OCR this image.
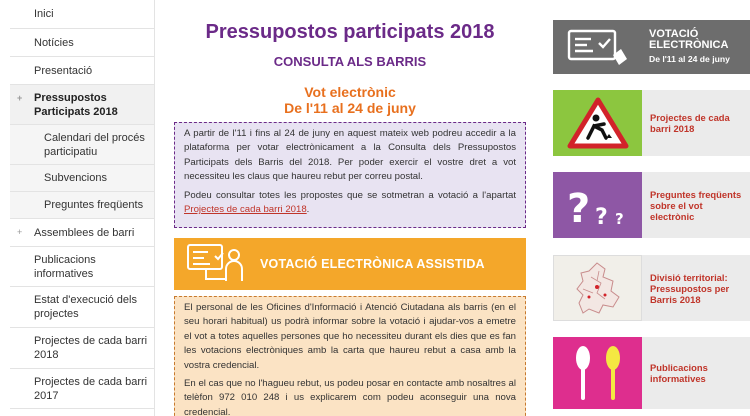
Inici
Notícies
Presentació
+ Pressupostos Participats 2018
Calendari del procés participatiu
Subvencions
Preguntes freqüents
+ Assemblees de barri
Publicacions informatives
Estat d'execució dels projectes
Projectes de cada barri 2018
Projectes de cada barri 2017
Pressupostos participats 2018
CONSULTA ALS BARRIS
Vot electrònic
De l'11 al 24 de juny

A partir de l'11 i fins al 24 de juny en aquest mateix web podreu accedir a la plataforma per votar electrònicament a la Consulta dels Pressupostos Participats dels Barris del 2018. Per poder exercir el vostre dret a vot necessiteu les claus que haureu rebut per correu postal.

Podeu consultar totes les propostes que se sotmetran a votació a l'apartat Projectes de cada barri 2018.

VOTACIÓ ELECTRÒNICA ASSISTIDA

El personal de les Oficines d'Informació i Atenció Ciutadana als barris (en el seu horari habitual) us podrà informar sobre la votació i ajudar-vos a emetre el vot a totes aquelles persones que ho necessiteu durant els dies que es fan les votacions electròniques amb la carta que haureu rebut a casa amb la vostra credencial.

En el cas que no l'hagueu rebut, us podeu posar en contacte amb nosaltres al telèfon 972 010 248 i us explicarem com podeu aconseguir una nova credencial.

VOTACIÓ
ELECTRÒNICA
De l'11 al 24 de juny
Projectes de cada barri 2018
? ? ?
Preguntes freqüents sobre el vot electrònic
Divisió territorial: Pressupostos per Barris 2018
Publicacions informatives
